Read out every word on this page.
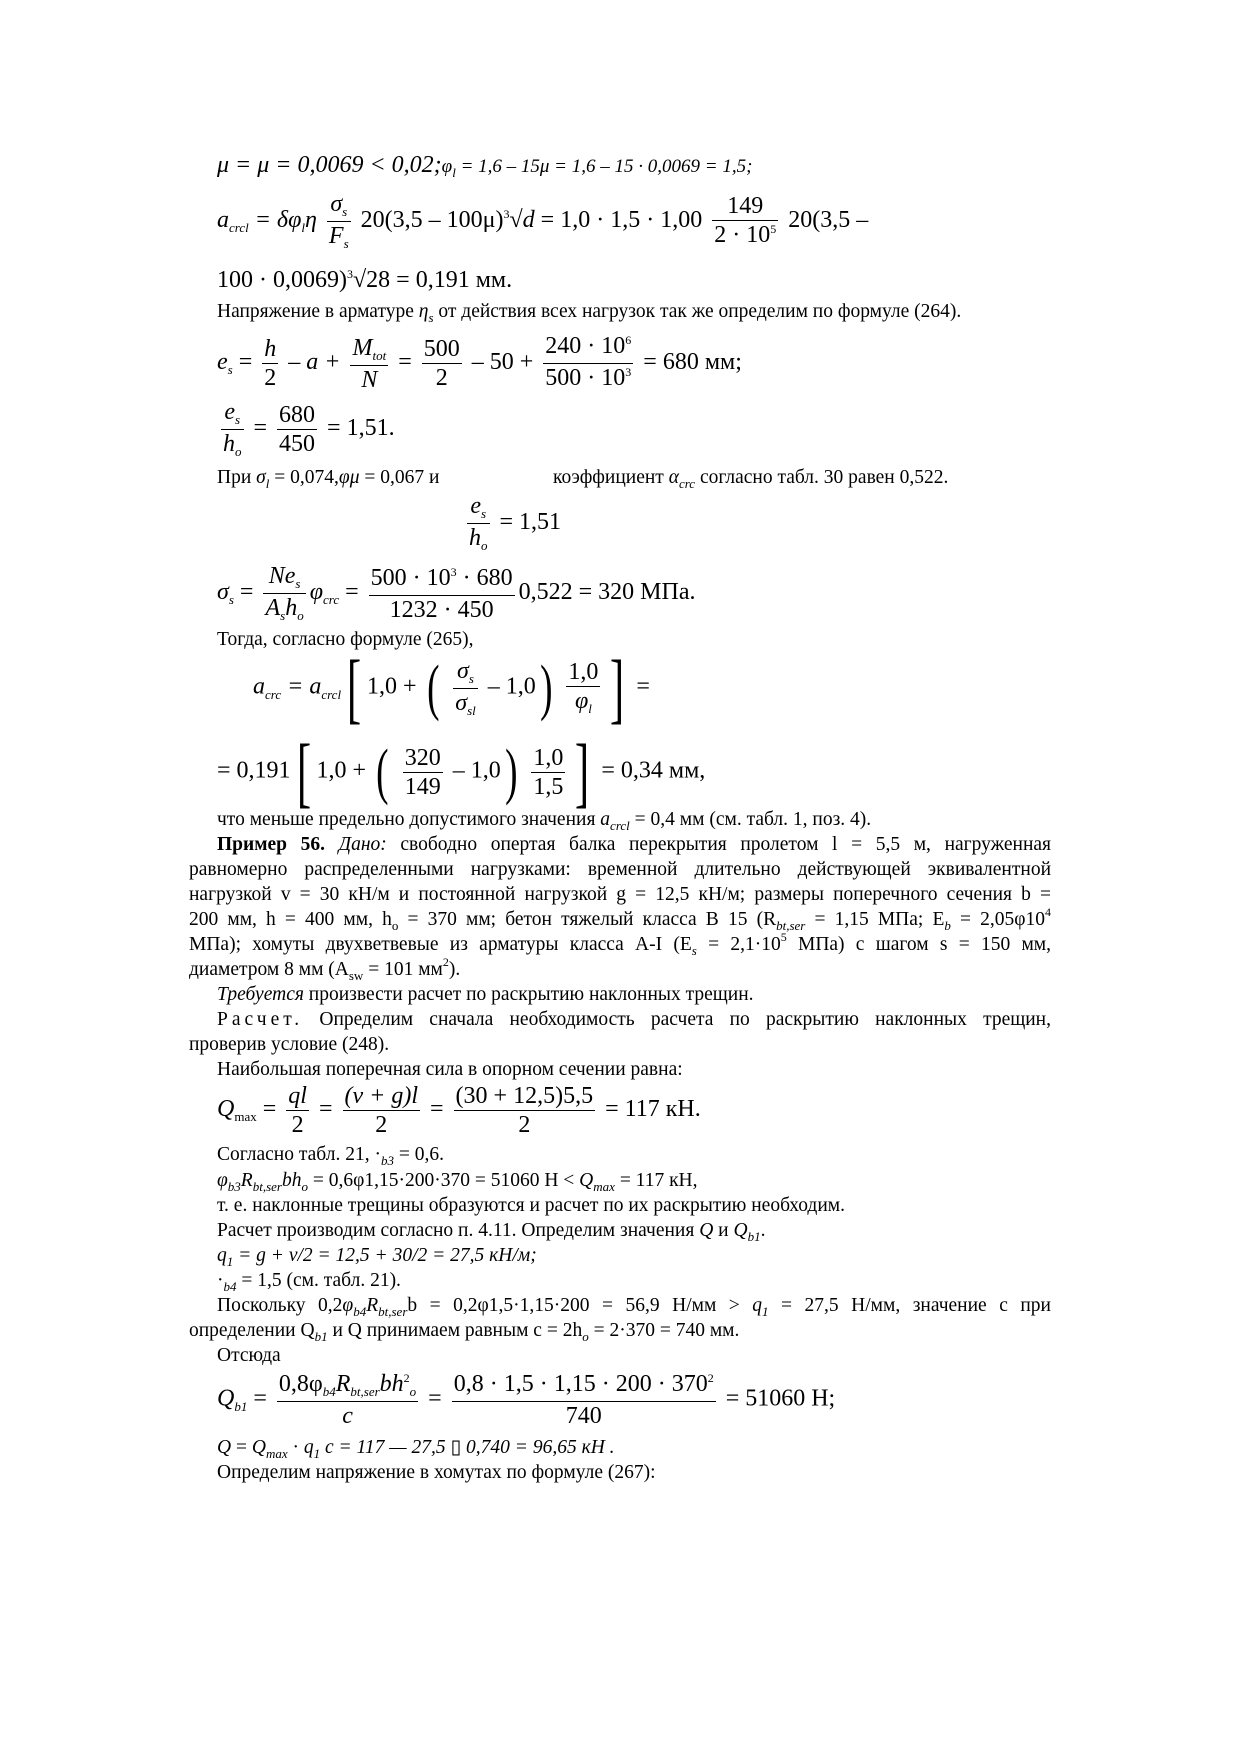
$\mu = \mu = 0,0069 < 0,02;\varphi_l = 1,6 - 15\mu = 1,6 - 15 \cdot 0,0069 = 1,5$;
$a_{crcl} = \delta\varphi_l\eta \frac{\sigma_s}{F_s} 20(3,5 - 100\mu)^3√d = 1,0 \cdot 1,5 \cdot 1,00 \frac{149}{2 \cdot 10^5} 20(3,5$ –
100 · 0,0069)$^3$√28 = 0,191 мм.
Напряжение в арматуре $\eta_s$ от действия всех нагрузок так же определим по формуле (264).
$e_s = \frac{h}{2} - a + \frac{M_{tot}}{N} = \frac{500}{2} - 50 + \frac{240 \cdot 10^6}{500 \cdot 10^3} = 680$ мм;
$\frac{e_s}{h_o} = \frac{680}{450} = 1,51$.
При $\sigma_l = 0,074,\varphi\mu = 0,067$ и	коэффициент $\alpha_{crc}$ согласно табл. 30 равен 0,522.
$\frac{e_s}{h_o} = 1,51$
$\sigma_s = \frac{Ne_s}{A_sh_o} \varphi_{crc} = \frac{500 \cdot 10^3 \cdot 680}{1232 \cdot 450} 0,522 = 320$ МПа.
Тогда, согласно формуле (265),
$a_{crc} = a_{crcl}$[ 1,0 + ( $\frac{\sigma_s}{\sigma_{sl}} - 1,0) \frac{1,0}{\varphi_l}$ ] =
= 0,191[ 1,0 + ( $\frac{320}{149} - 1,0) \frac{1,0}{1,5}$ ] = 0,34 мм,
что меньше предельно допустимого значения $a_{crcl} = 0,4$ мм (см. табл. 1, поз. 4).
Пример 56. Дано: свободно опертая балка перекрытия пролетом l = 5,5 м, нагруженная
равномерно распределенными нагрузками: временной длительно действующей эквивалентной
нагрузкой v = 30 кН/м и постоянной нагрузкой g = 12,5 кН/м; размеры поперечного сечения b =
200 мм, h = 400 мм, $h_o = 370$ мм; бетон тяжелый класса В 15 ($R_{bt,ser} = 1,15$ МПа; $E_b = 2,05\varphi 10^4$
МПа); хомуты двухветвевые из арматуры класса А-I ($E_s = 2,1\cdot 10^5$ МПа) с шагом s = 150 мм,
диаметром 8 мм ($A_{sw} = 101$ $мм^2$).
Требуется произвести расчет по раскрытию наклонных трещин.
Расчет. Определим сначала необходимость расчета по раскрытию наклонных трещин,
проверив условие (248).
Наибольшая поперечная сила в опорном сечении равна:
$Q_{max} = \frac{ql}{2} = \frac{(v + g)l}{2} = \frac{(30 + 12,5)5,5}{2} = 117$ кН.
Согласно табл. 21, $\cdot_{b3} = 0,6$.
$\varphi_{b3}R_{bt,ser}bh_o = 0,6\varphi 1,15\cdot 200\cdot 370 = 51060$ $Н < Q_{max} = 117$ кН,
т. е. наклонные трещины образуются и расчет по их раскрытию необходим.
Расчет производим согласно п. 4.11. Определим значения Q и $Q_{b1}$.
$q_1 = g + v/2 = 12,5 + 30/2 = 27,5$ кН/м;
$\cdot_{b4} = 1,5$ (см. табл. 21).
Поскольку $0,2\varphi_{b4}R_{bt,ser}b = 0,2\varphi 1,5\cdot 1,15\cdot 200 = 56,9$ $Н/мм > q_1 = 27,5$ Н/мм, значение c при
определении $Q_{b1}$ и Q принимаем равным $c = 2h_o = 2\cdot 370 = 740$ мм.
Отсюда
$Q_{b1} = \frac{0,8\varphi_{b4}R_{bt,ser}bh^2_o}{c} = \frac{0,8 \cdot 1,5 \cdot 1,15 \cdot 200 \cdot 370^2}{740} = 51060$ Н;
$Q = Q_{max} \cdot q_1$ c = 117 — 27,5 ▯ 0,740 = 96,65 кН .
Определим напряжение в хомутах по формуле (267):
